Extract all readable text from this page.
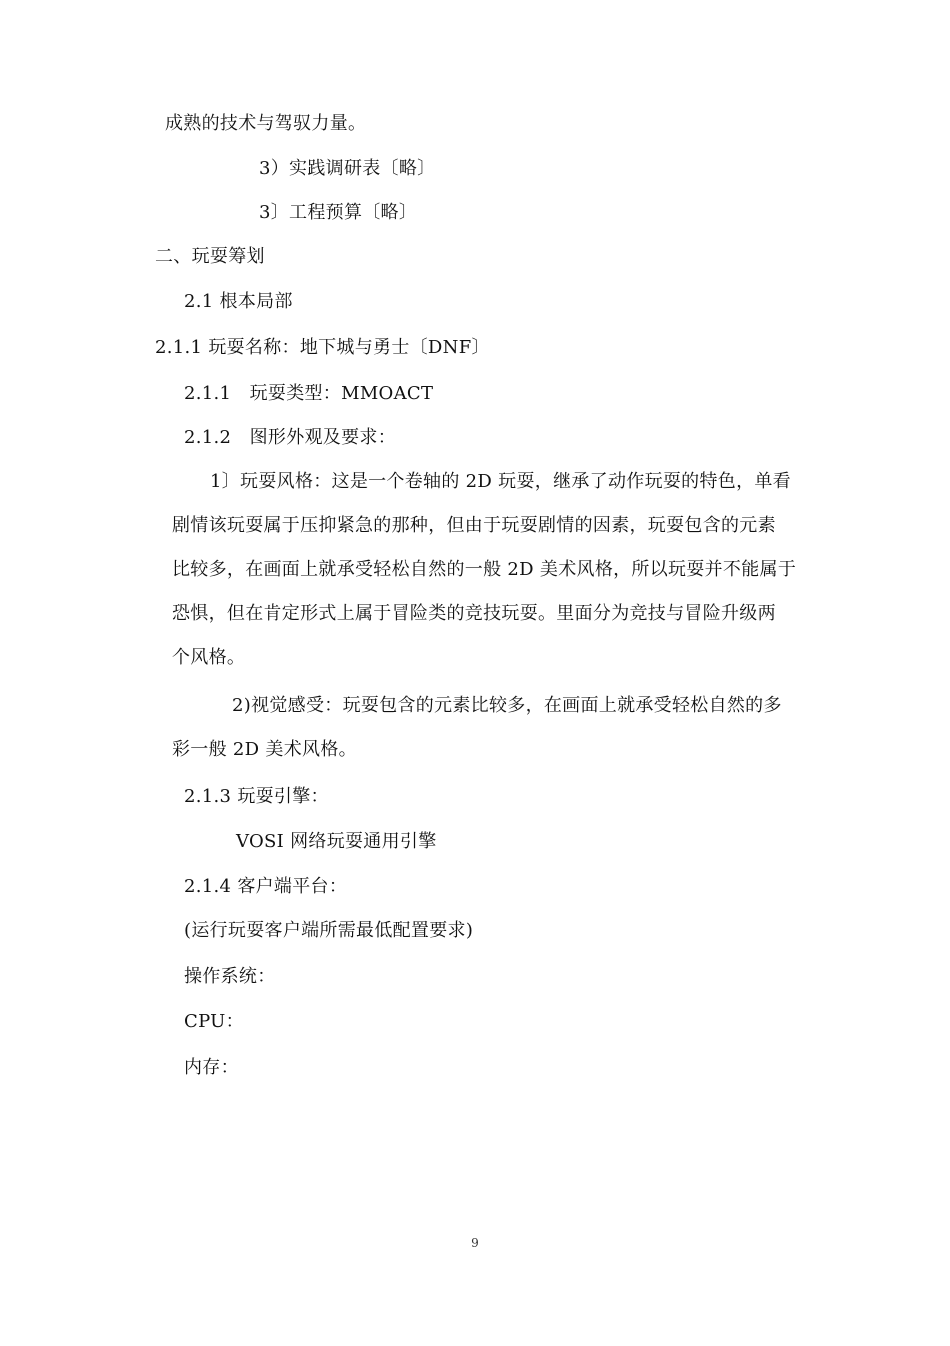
成熟的技术与驾驭力量。
3）实践调研表〔略〕
3〕工程预算〔略〕
二、玩耍筹划
2.1 根本局部
2.1.1 玩耍名称：地下城与勇士〔DNF〕
2.1.1　玩耍类型：MMOACT
2.1.2　图形外观及要求：
1〕玩耍风格：这是一个卷轴的 2D 玩耍，继承了动作玩耍的特色，单看
剧情该玩耍属于压抑紧急的那种，但由于玩耍剧情的因素，玩耍包含的元素
比较多，在画面上就承受轻松自然的一般 2D 美术风格，所以玩耍并不能属于
恐惧，但在肯定形式上属于冒险类的竞技玩耍。里面分为竞技与冒险升级两
个风格。
2)视觉感受：玩耍包含的元素比较多，在画面上就承受轻松自然的多
彩一般 2D 美术风格。
2.1.3 玩耍引擎：
VOSI 网络玩耍通用引擎
2.1.4 客户端平台：
(运行玩耍客户端所需最低配置要求)
操作系统：
CPU：
内存：
9
